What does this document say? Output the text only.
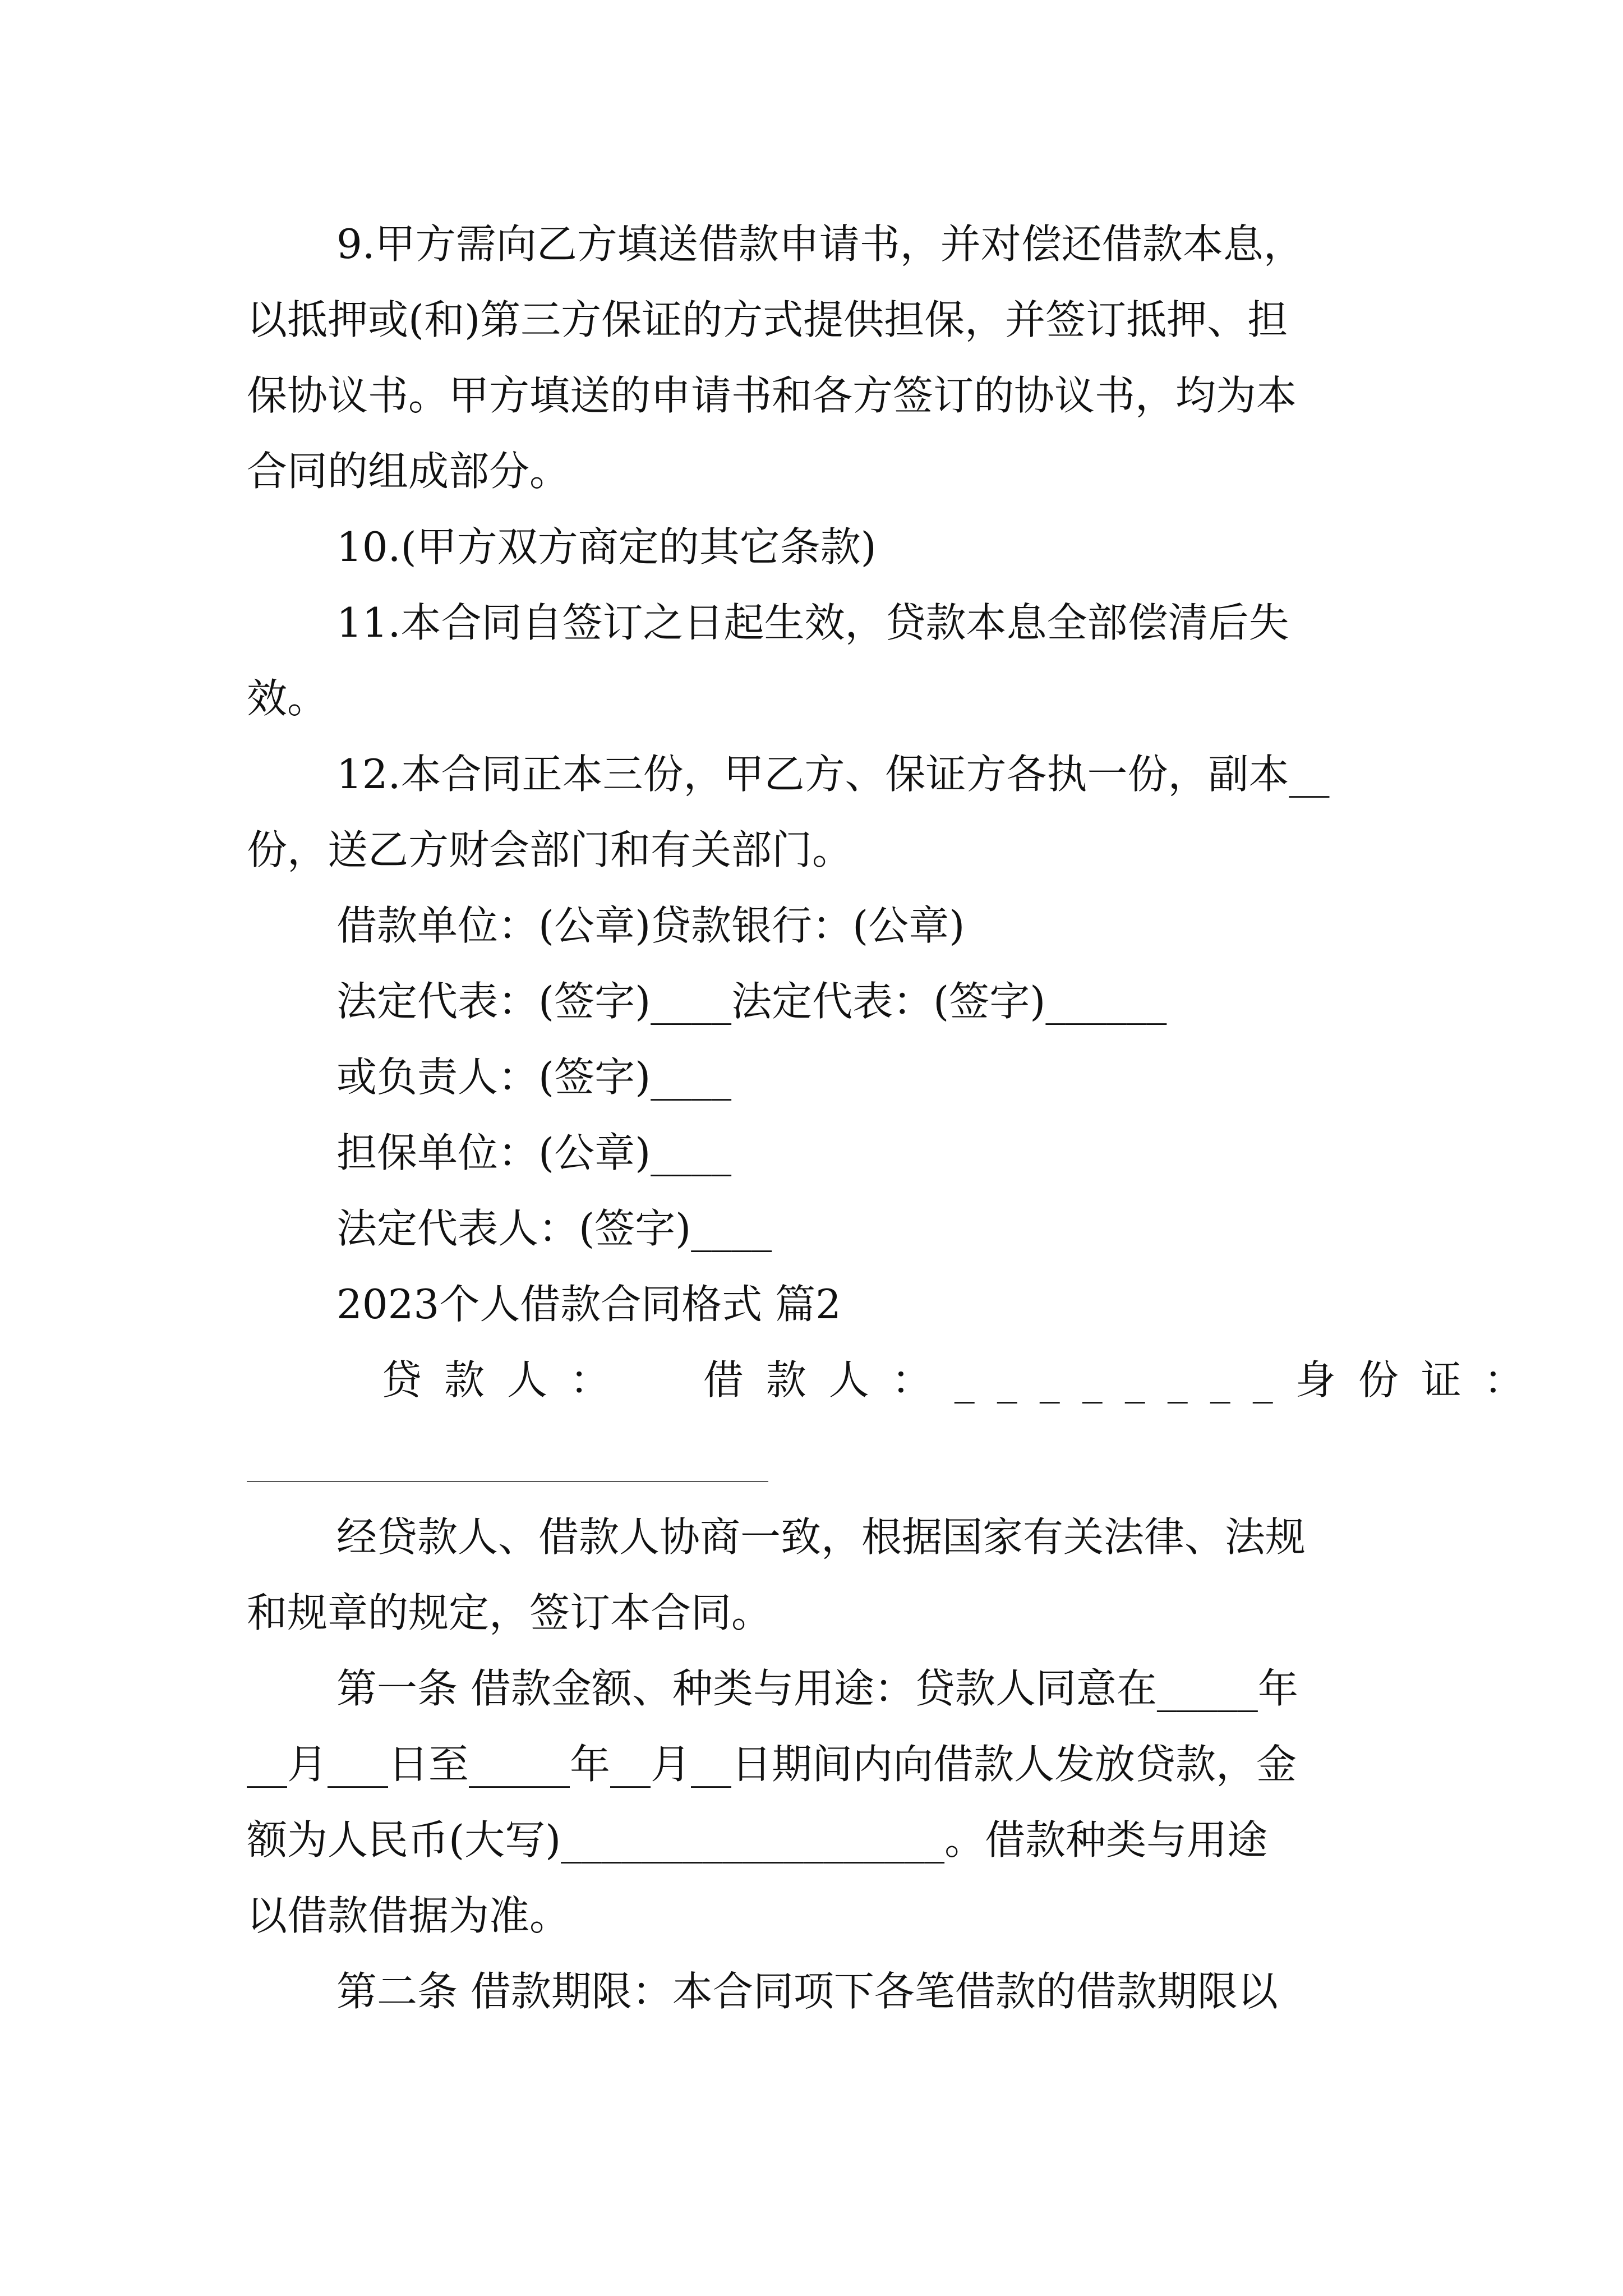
9.甲方需向乙方填送借款申请书，并对偿还借款本息，
以抵押或(和)第三方保证的方式提供担保，并签订抵押、担
保协议书。甲方填送的申请书和各方签订的协议书，均为本
合同的组成部分。
10.(甲方双方商定的其它条款)
11.本合同自签订之日起生效，贷款本息全部偿清后失
效。
12.本合同正本三份，甲乙方、保证方各执一份，副本__
份，送乙方财会部门和有关部门。
借款单位：(公章)贷款银行：(公章)
法定代表：(签字)____法定代表：(签字)______
或负责人：(签字)____
担保单位：(公章)____
法定代表人：(签字)____
2023个人借款合同格式 篇2
贷款人：  借款人：________身份证：
经贷款人、借款人协商一致，根据国家有关法律、法规
和规章的规定，签订本合同。
第一条 借款金额、种类与用途：贷款人同意在_____年
__月___日至_____年__月__日期间内向借款人发放贷款，金
额为人民币(大写)___________________。借款种类与用途
以借款借据为准。
第二条 借款期限：本合同项下各笔借款的借款期限以
